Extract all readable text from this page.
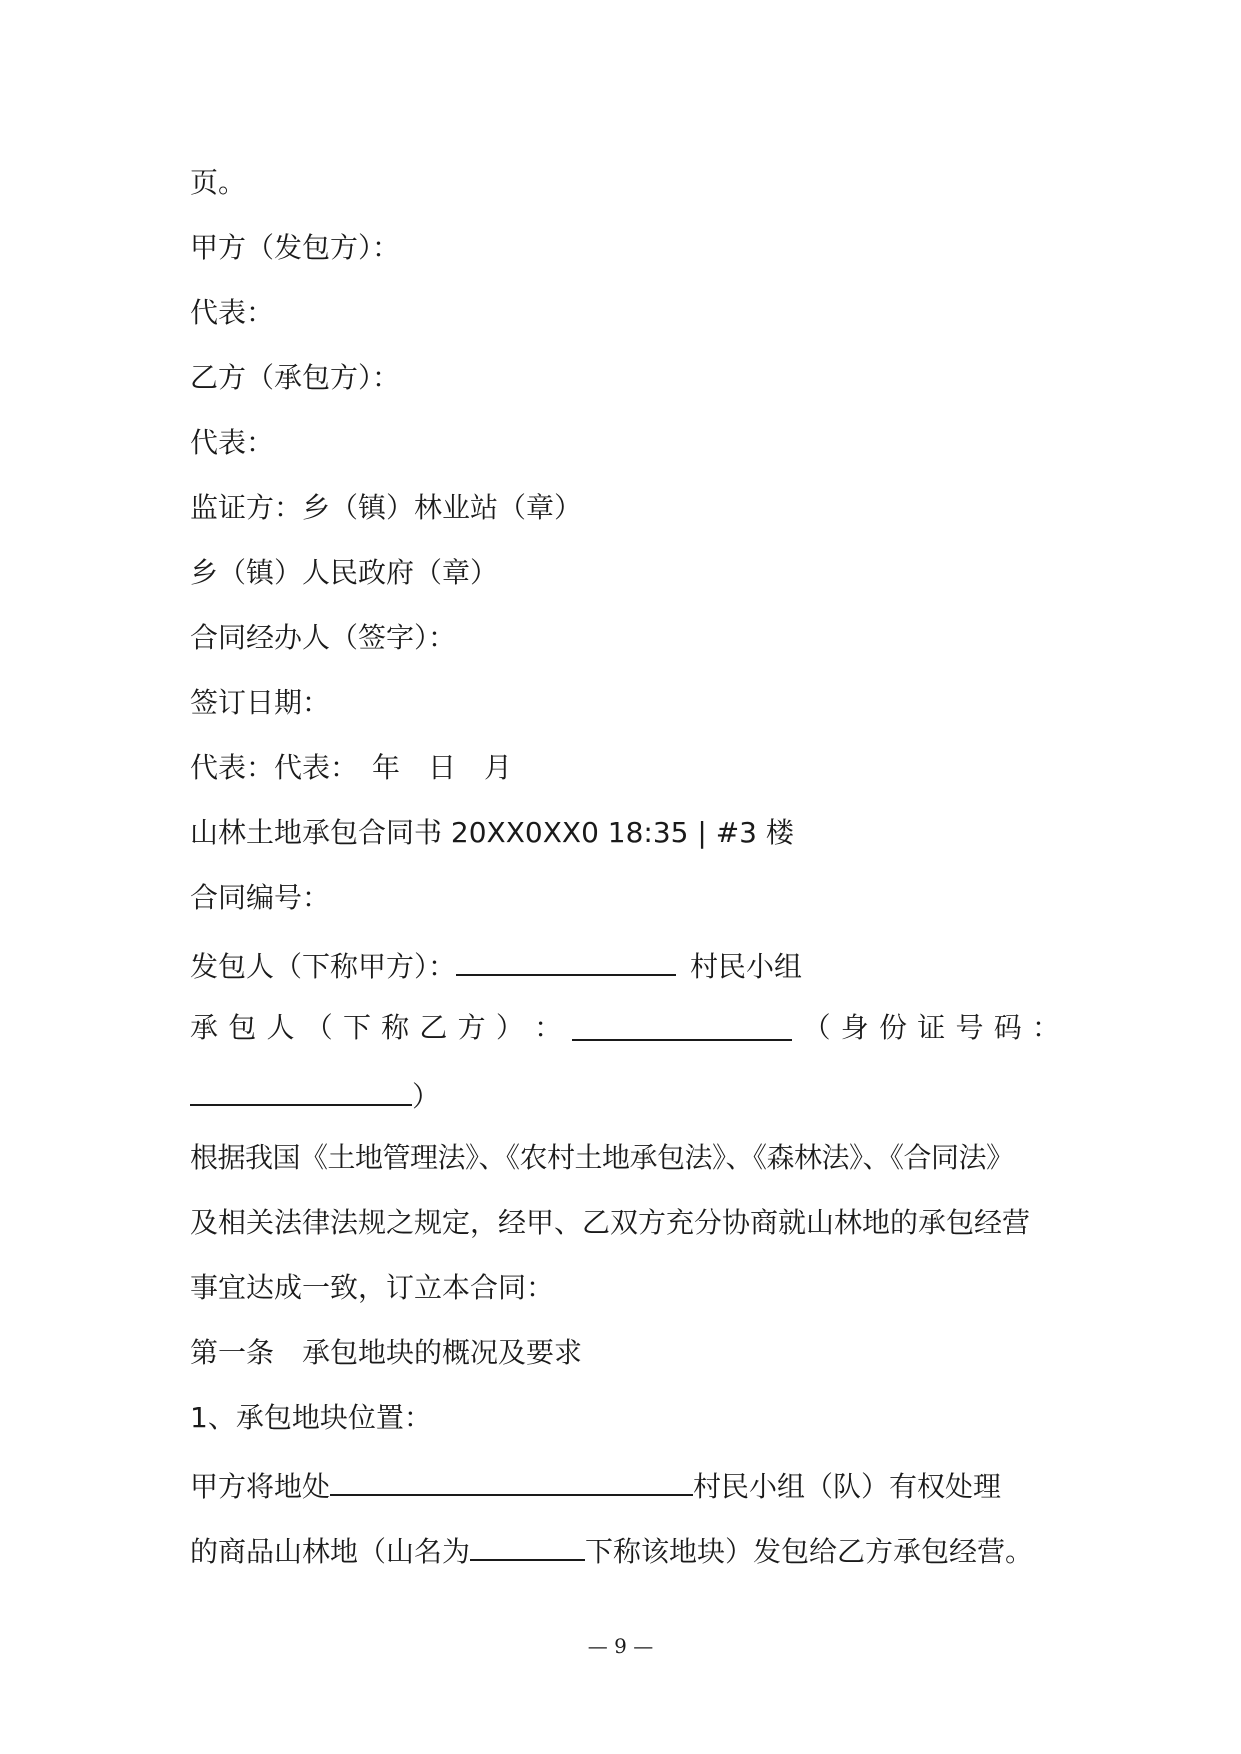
页。
甲方（发包方）：
代表：
乙方（承包方）：
代表：
监证方：乡（镇）林业站（章）
乡（镇）人民政府（章）
合同经办人（签字）：
签订日期：
代表：代表：　年　日　月
山林土地承包合同书 20XX0XX0 18:35 | #3 楼
合同编号：
发包人（下称甲方）：	村民小组
承 包 人 （ 下 称 乙 方 ） ：	（ 身 份 证 号 码 ：
）
根据我国《土地管理法》、《农村土地承包法》、《森林法》、《合同法》
及相关法律法规之规定，经甲、乙双方充分协商就山林地的承包经营
事宜达成一致，订立本合同：
第一条　承包地块的概况及要求
1、承包地块位置：
甲方将地处	村民小组（队）有权处理
的商品山林地（山名为	下称该地块）发包给乙方承包经营。
— 9 —
